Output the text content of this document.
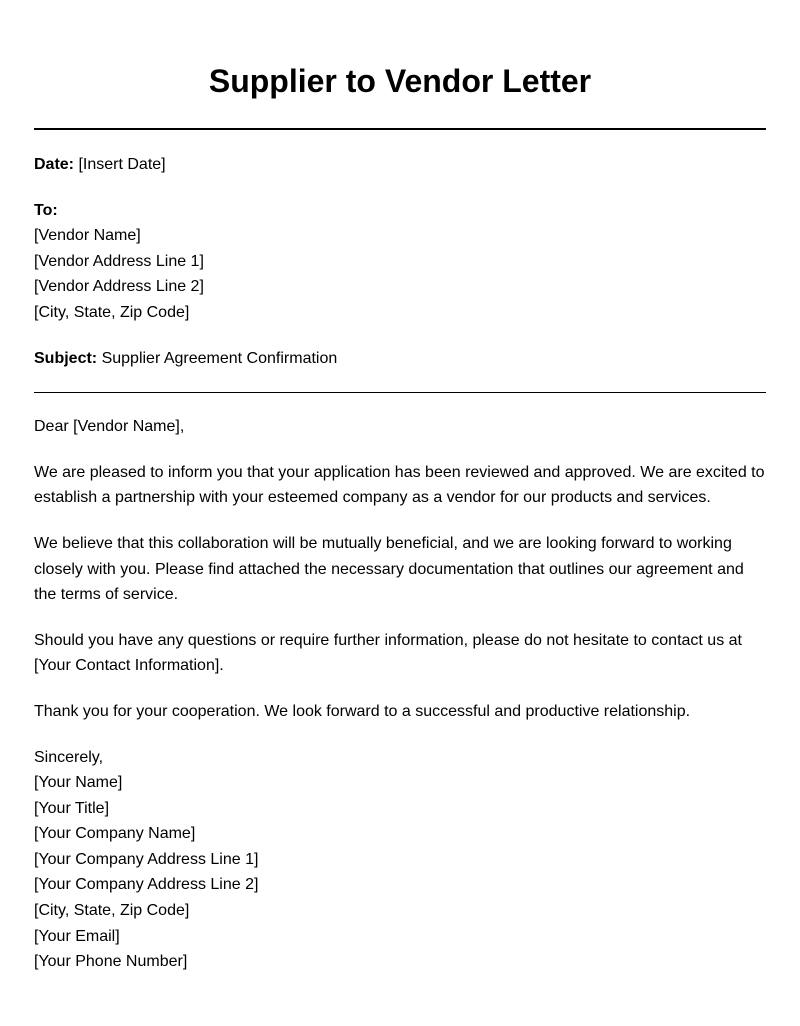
Supplier to Vendor Letter

Date: [Insert Date]

To:
[Vendor Name]
[Vendor Address Line 1]
[Vendor Address Line 2]
[City, State, Zip Code]

Subject: Supplier Agreement Confirmation

Dear [Vendor Name],

We are pleased to inform you that your application has been reviewed and approved. We are excited to establish a partnership with your esteemed company as a vendor for our products and services.

We believe that this collaboration will be mutually beneficial, and we are looking forward to working closely with you. Please find attached the necessary documentation that outlines our agreement and the terms of service.

Should you have any questions or require further information, please do not hesitate to contact us at [Your Contact Information].

Thank you for your cooperation. We look forward to a successful and productive relationship.

Sincerely,
[Your Name]
[Your Title]
[Your Company Name]
[Your Company Address Line 1]
[Your Company Address Line 2]
[City, State, Zip Code]
[Your Email]
[Your Phone Number]
